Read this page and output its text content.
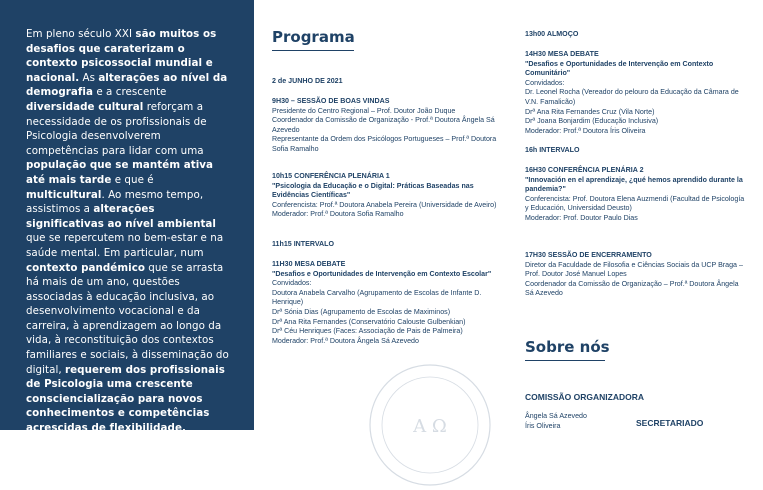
Em pleno século XXI são muitos os desafios que caraterizam o contexto psicossocial mundial e nacional. As alterações ao nível da demografia e a crescente diversidade cultural reforçam a necessidade de os profissionais de Psicologia desenvolverem competências para lidar com uma população que se mantém ativa até mais tarde e que é multicultural. Ao mesmo tempo, assistimos a alterações significativas ao nível ambiental que se repercutem no bem-estar e na saúde mental. Em particular, num contexto pandémico que se arrasta há mais de um ano, questões associadas à educação inclusiva, ao desenvolvimento vocacional e da carreira, à aprendizagem ao longo da vida, à reconstituição dos contextos familiares e sociais, à disseminação do digital, requerem dos profissionais de Psicologia uma crescente consciencialização para novos conhecimentos e competências acrescidas de flexibilidade, resiliência e trabalho colaborativo. Alinhados com este macro cenário, o curso do Mestrado em Psicologia da
Programa
2 de JUNHO DE 2021
9H30 – SESSÃO DE BOAS VINDAS
Presidente do Centro Regional – Prof. Doutor João Duque
Coordenador da Comissão de Organização - Prof.ª Doutora Ângela Sá Azevedo
Representante da Ordem dos Psicólogos Portugueses – Prof.ª Doutora Sofia Ramalho
10h15 CONFERÊNCIA PLENÁRIA 1
"Psicologia da Educação e o Digital: Práticas Baseadas nas Evidências Científicas"
Conferencista: Prof.ª Doutora Anabela Pereira (Universidade de Aveiro)
Moderador: Prof.ª Doutora Sofia Ramalho
11h15 INTERVALO
11H30 MESA DEBATE
"Desafios e Oportunidades de Intervenção em Contexto Escolar"
Convidados:
Doutora Anabela Carvalho (Agrupamento de Escolas de Infante D. Henrique)
Drª Sónia Dias (Agrupamento de Escolas de Maximinos)
Drª Ana Rita Fernandes (Conservatório Calouste Gulbenkian)
Drª Céu Henriques (Faces: Associação de Pais de Palmeira)
Moderador: Prof.ª Doutora Ângela Sá Azevedo
13h00 ALMOÇO
14H30 MESA DEBATE
"Desafios e Oportunidades de Intervenção em Contexto Comunitário"
Convidados:
Dr. Leonel Rocha (Vereador do pelouro da Educação da Câmara de V.N. Famalicão)
Drª Ana Rita Fernandes Cruz (Vila Norte)
Drª Joana Bonjardim (Educação Inclusiva)
Moderador: Prof.ª Doutora Íris Oliveira
16h INTERVALO
16H30 CONFERÊNCIA PLENÁRIA 2
"Innovación en el aprendizaje, ¿qué hemos aprendido durante la pandemia?"
Conferencista: Prof. Doutora Elena Auzmendi (Facultad de Psicología y Educación, Universidad Deusto)
Moderador: Prof. Doutor Paulo Dias
17H30 SESSÃO DE ENCERRAMENTO
Diretor da Faculdade de Filosofia e Ciências Sociais da UCP Braga – Prof. Doutor José Manuel Lopes
Coordenador da Comissão de Organização – Prof.ª Doutora Ângela Sá Azevedo
A Ω
Sobre nós
COMISSÃO ORGANIZADORA
Ângela Sá Azevedo
Íris Oliveira	SECRETARIADO
